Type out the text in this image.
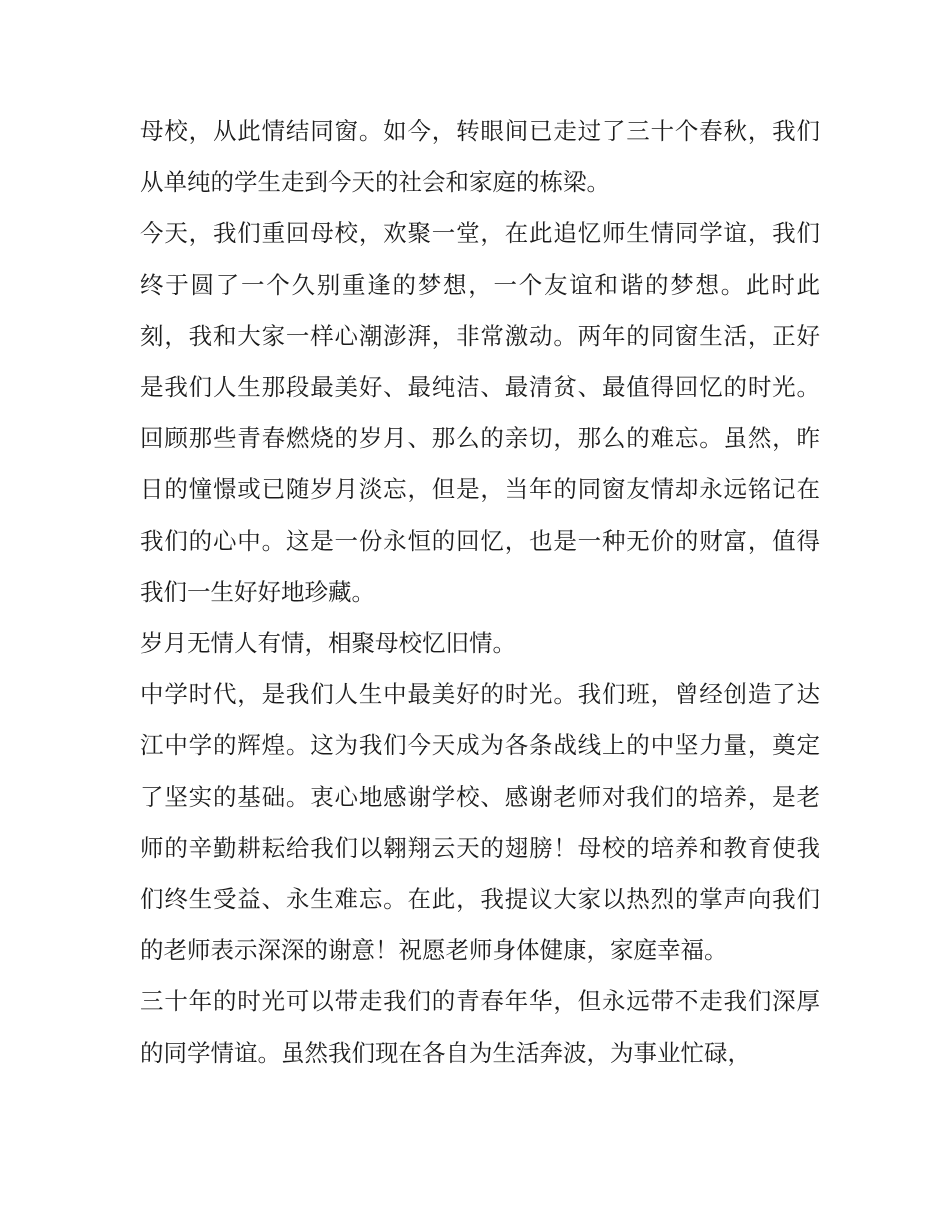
母校，从此情结同窗。如今，转眼间已走过了三十个春秋，我们从单纯的学生走到今天的社会和家庭的栋梁。

今天，我们重回母校，欢聚一堂，在此追忆师生情同学谊，我们终于圆了一个久别重逢的梦想，一个友谊和谐的梦想。此时此刻，我和大家一样心潮澎湃，非常激动。两年的同窗生活，正好是我们人生那段最美好、最纯洁、最清贫、最值得回忆的时光。回顾那些青春燃烧的岁月、那么的亲切，那么的难忘。虽然，昨日的憧憬或已随岁月淡忘，但是，当年的同窗友情却永远铭记在我们的心中。这是一份永恒的回忆，也是一种无价的财富，值得我们一生好好地珍藏。

岁月无情人有情，相聚母校忆旧情。

中学时代，是我们人生中最美好的时光。我们班，曾经创造了达江中学的辉煌。这为我们今天成为各条战线上的中坚力量，奠定了坚实的基础。衷心地感谢学校、感谢老师对我们的培养，是老师的辛勤耕耘给我们以翱翔云天的翅膀！母校的培养和教育使我们终生受益、永生难忘。在此，我提议大家以热烈的掌声向我们的老师表示深深的谢意！祝愿老师身体健康，家庭幸福。

三十年的时光可以带走我们的青春年华，但永远带不走我们深厚的同学情谊。虽然我们现在各自为生活奔波，为事业忙碌，
